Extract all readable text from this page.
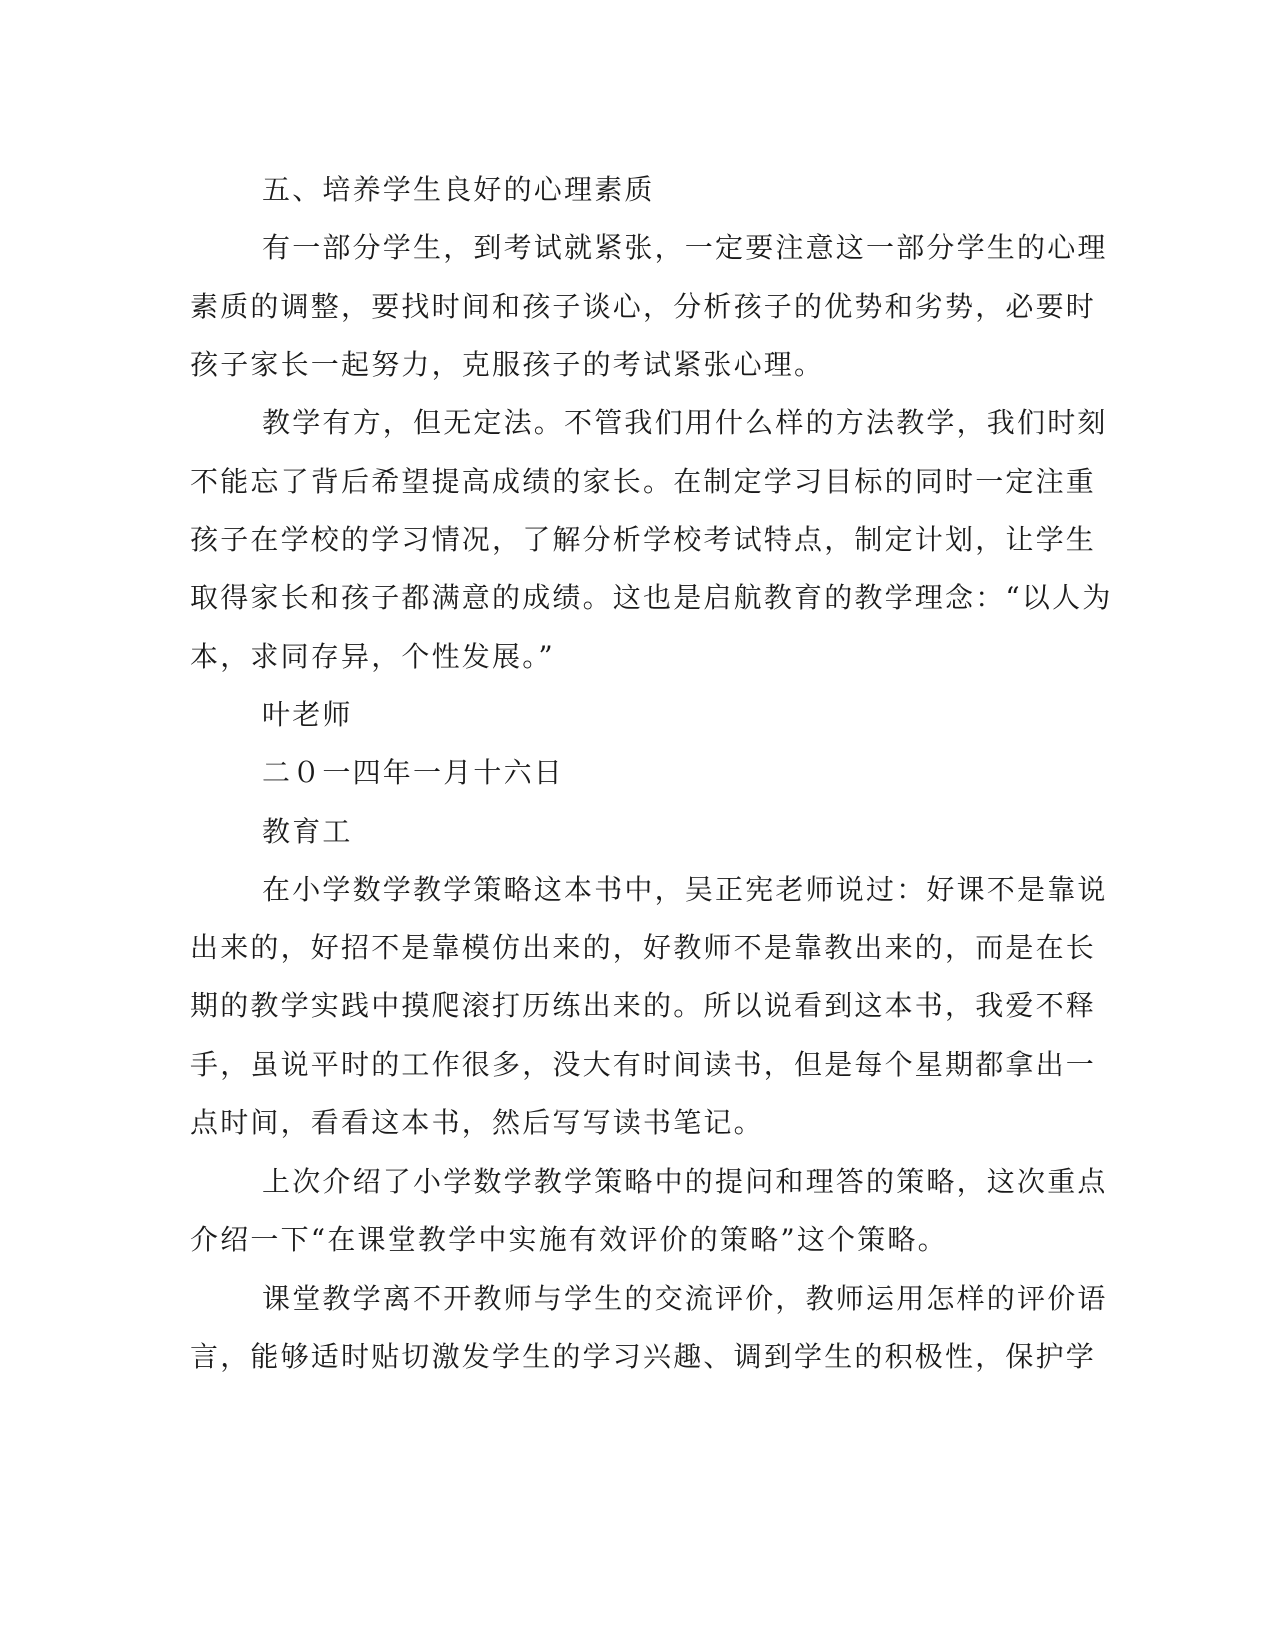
五、培养学生良好的心理素质
有一部分学生，到考试就紧张，一定要注意这一部分学生的心理
素质的调整，要找时间和孩子谈心，分析孩子的优势和劣势，必要时
孩子家长一起努力，克服孩子的考试紧张心理。
教学有方，但无定法。不管我们用什么样的方法教学，我们时刻
不能忘了背后希望提高成绩的家长。在制定学习目标的同时一定注重
孩子在学校的学习情况，了解分析学校考试特点，制定计划，让学生
取得家长和孩子都满意的成绩。这也是启航教育的教学理念：“以人为
本，求同存异，个性发展。”
叶老师
二０一四年一月十六日
教育工
在小学数学教学策略这本书中，吴正宪老师说过：好课不是靠说
出来的，好招不是靠模仿出来的，好教师不是靠教出来的，而是在长
期的教学实践中摸爬滚打历练出来的。所以说看到这本书，我爱不释
手，虽说平时的工作很多，没大有时间读书，但是每个星期都拿出一
点时间，看看这本书，然后写写读书笔记。
上次介绍了小学数学教学策略中的提问和理答的策略，这次重点
介绍一下“在课堂教学中实施有效评价的策略”这个策略。
课堂教学离不开教师与学生的交流评价，教师运用怎样的评价语
言，能够适时贴切激发学生的学习兴趣、调到学生的积极性，保护学
